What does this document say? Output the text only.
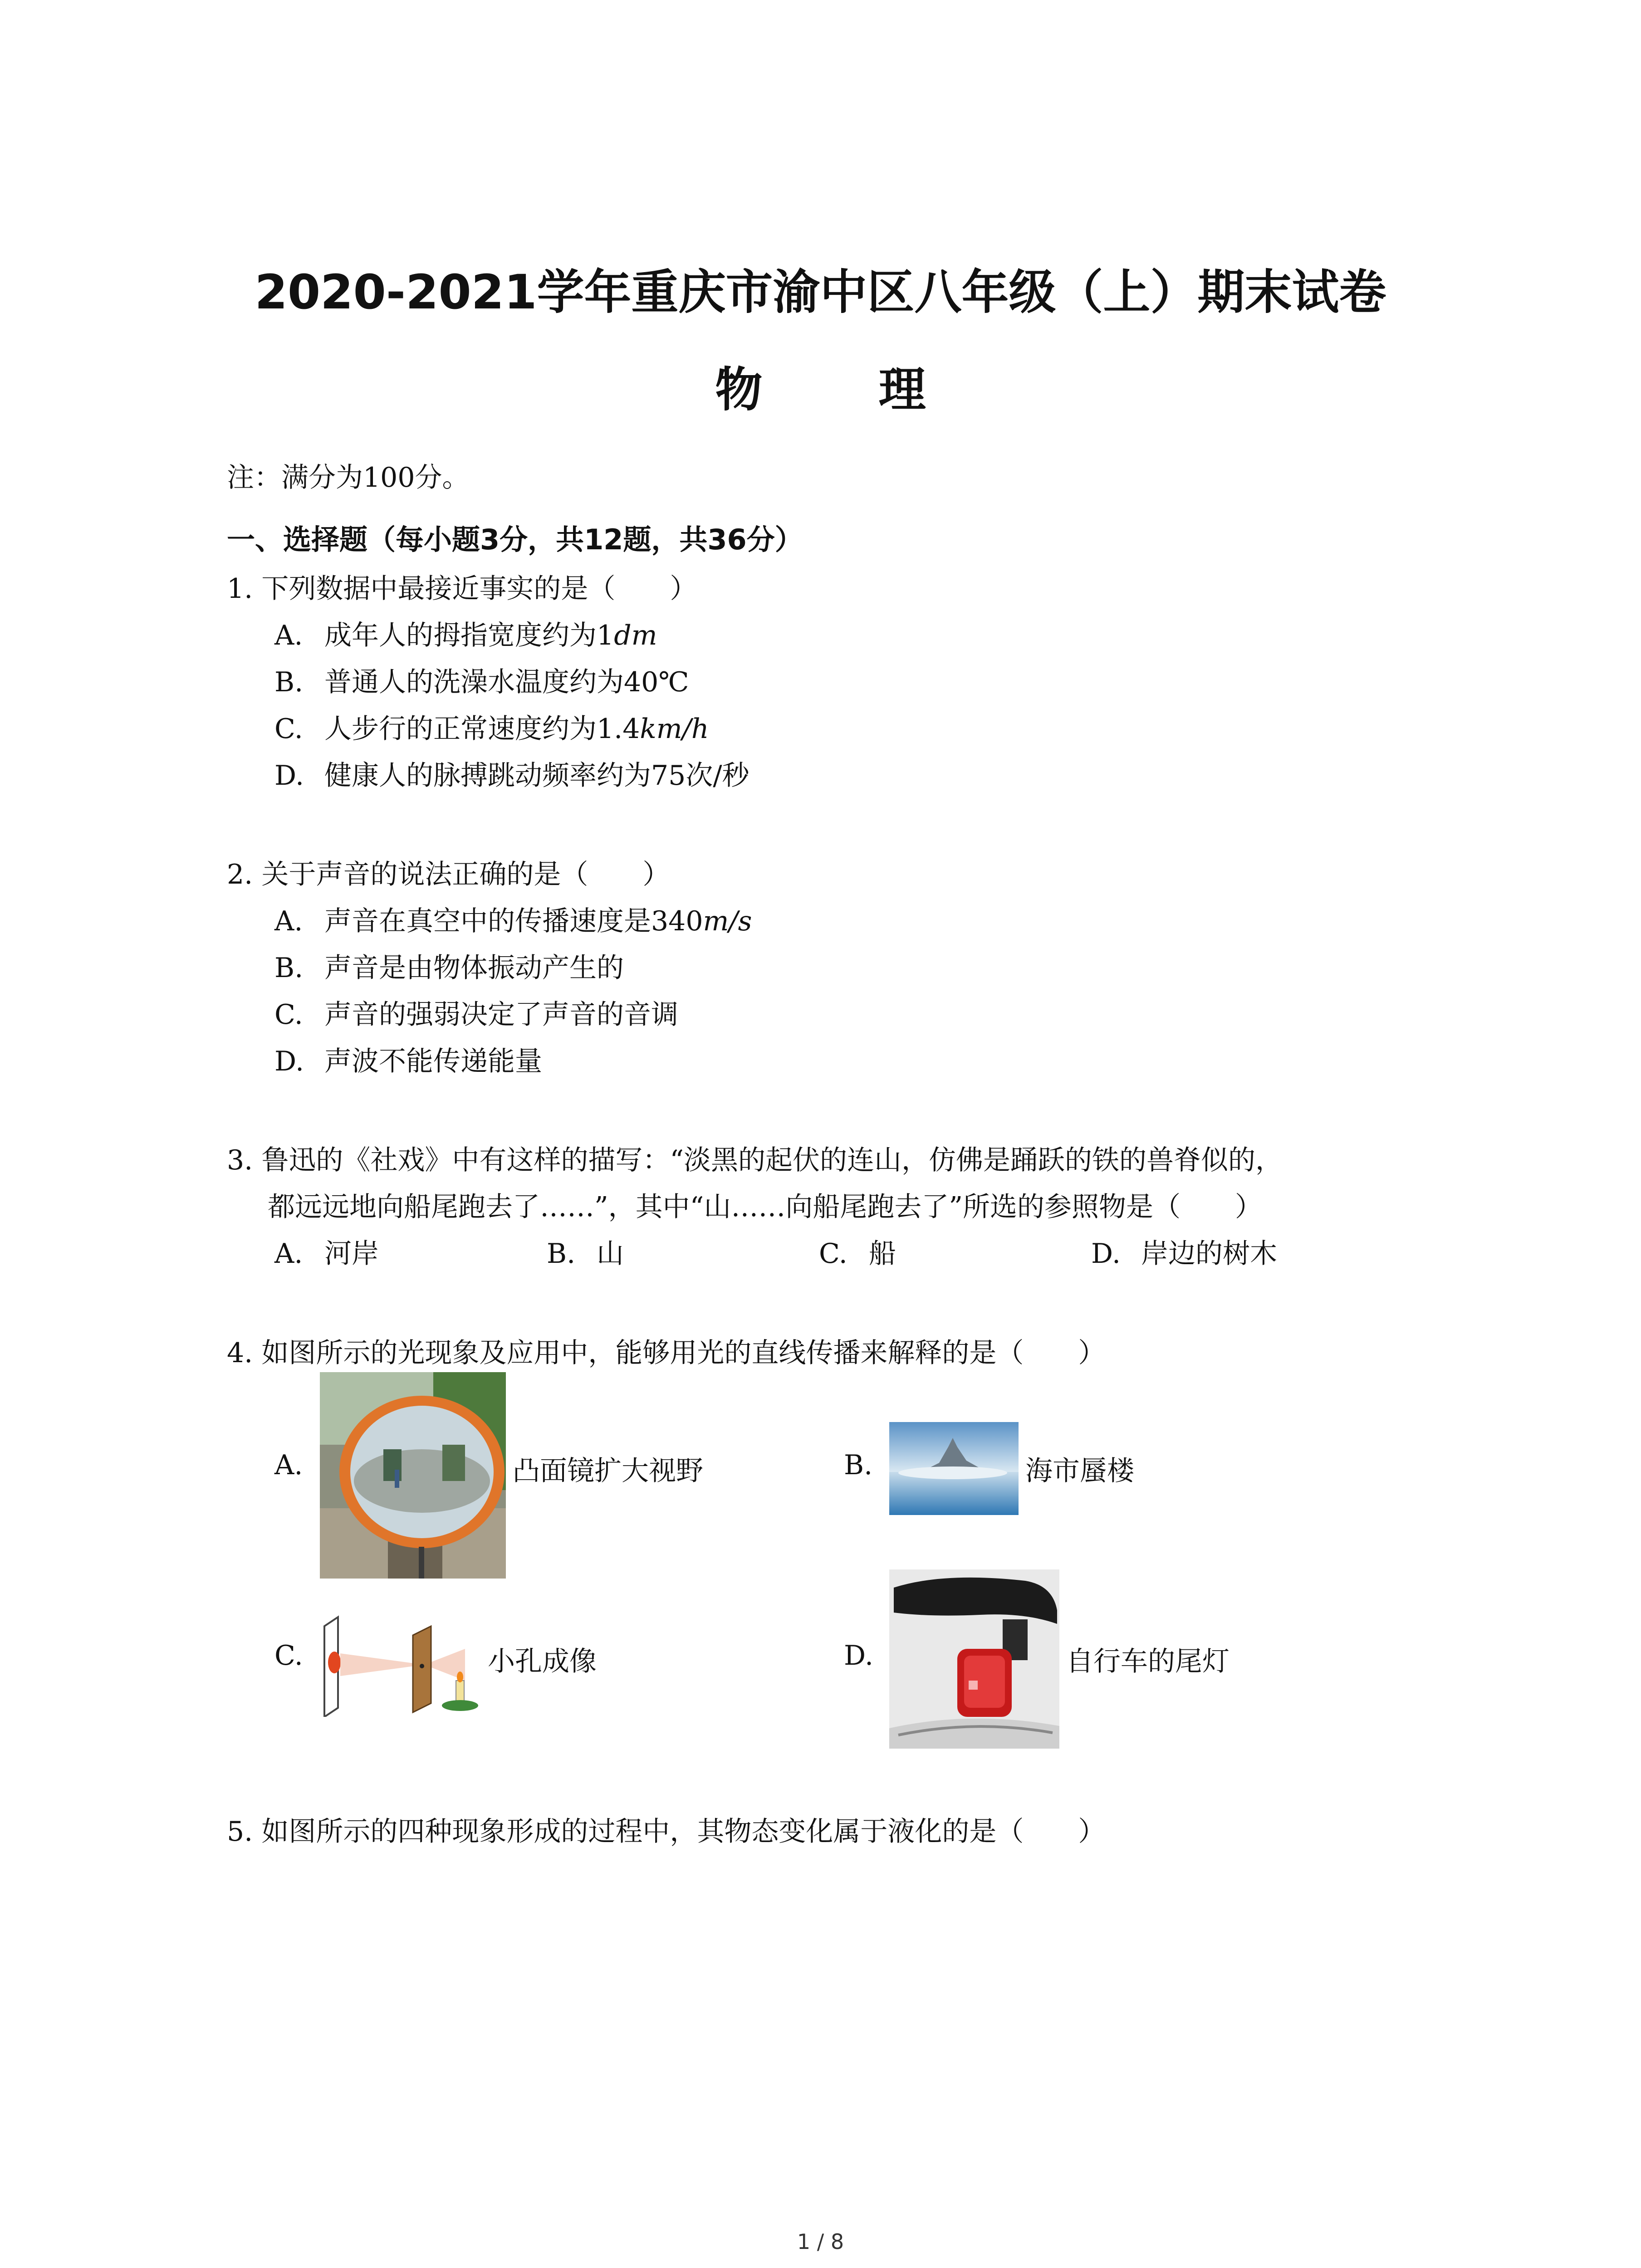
2020-2021学年重庆市渝中区八年级（上）期末试卷
物 理
注：满分为100分。
一、选择题（每小题3分，共12题，共36分）
1. 下列数据中最接近事实的是（　　）
A. 成年人的拇指宽度约为1dm
B. 普通人的洗澡水温度约为40℃
C. 人步行的正常速度约为1.4km/h
D. 健康人的脉搏跳动频率约为75次/秒
2. 关于声音的说法正确的是（　　）
A. 声音在真空中的传播速度是340m/s
B. 声音是由物体振动产生的
C. 声音的强弱决定了声音的音调
D. 声波不能传递能量
3. 鲁迅的《社戏》中有这样的描写：“淡黑的起伏的连山，仿佛是踊跃的铁的兽脊似的，
都远远地向船尾跑去了……”，其中“山……向船尾跑去了”所选的参照物是（　　）
A. 河岸	B. 山	C. 船	D. 岸边的树木
4. 如图所示的光现象及应用中，能够用光的直线传播来解释的是（　　）
A.	凸面镜扩大视野	B.	海市蜃楼
C.	小孔成像	D.	自行车的尾灯
5. 如图所示的四种现象形成的过程中，其物态变化属于液化的是（　　）
1 / 8
